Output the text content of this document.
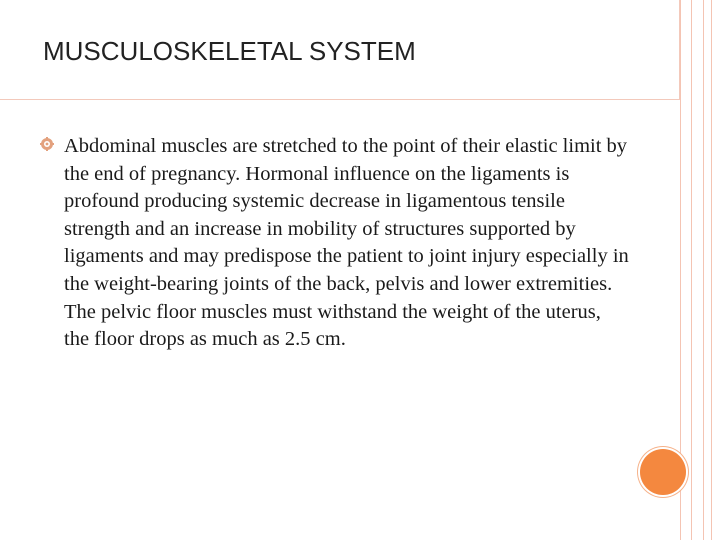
MUSCULOSKELETAL SYSTEM
Abdominal muscles are stretched to the point of their elastic limit by the end of pregnancy. Hormonal influence on the ligaments is profound producing systemic decrease in ligamentous tensile strength and an increase in mobility of structures supported by ligaments and may predispose the patient to joint injury especially in the weight-bearing joints of the back, pelvis and lower extremities. The pelvic floor muscles must withstand the weight of the uterus, the floor drops as much as 2.5 cm.
